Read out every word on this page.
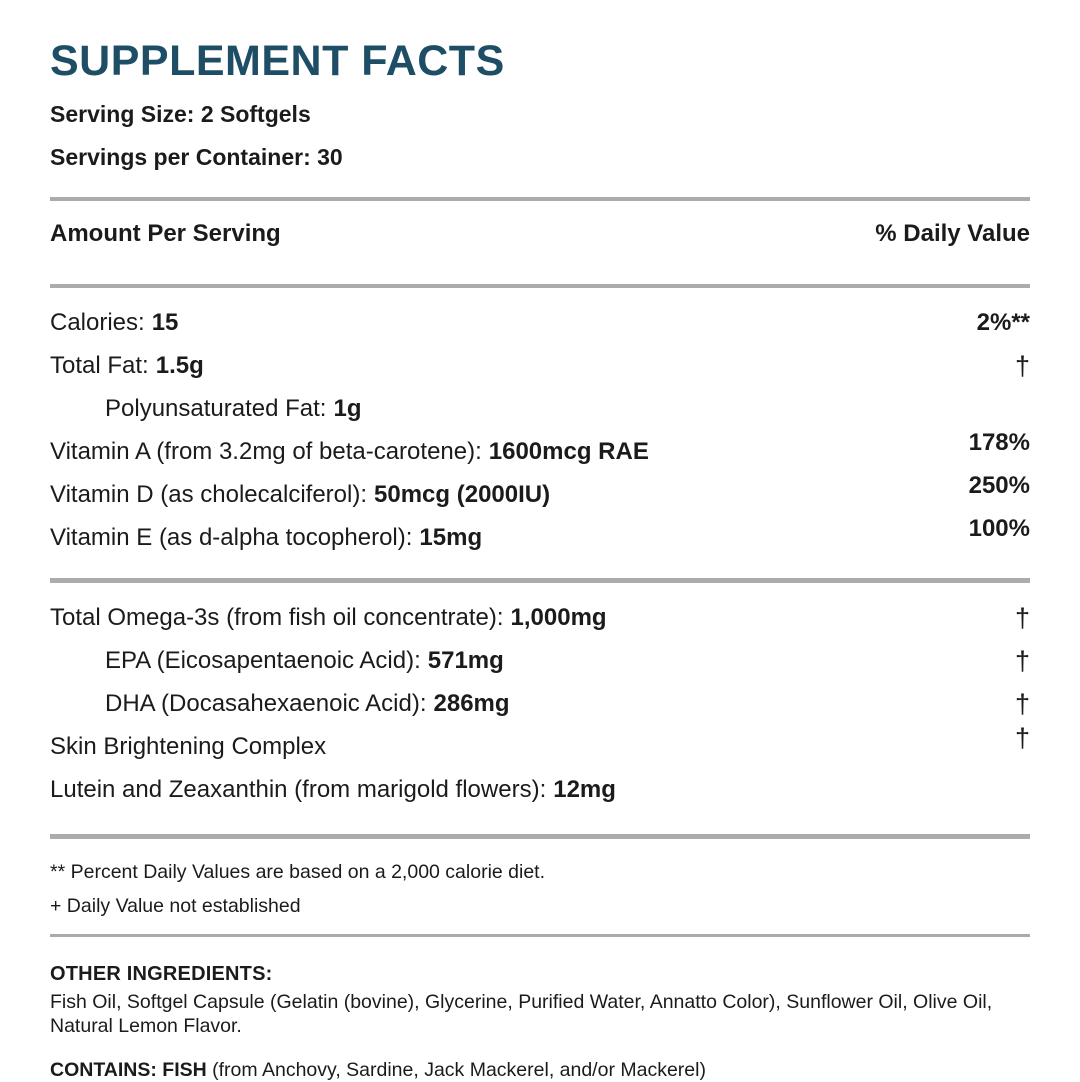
SUPPLEMENT FACTS
Serving Size: 2 Softgels
Servings per Container: 30
Amount Per Serving	% Daily Value
Calories: 15	2%**
Total Fat: 1.5g	†
Polyunsaturated Fat: 1g
Vitamin A (from 3.2mg of beta-carotene): 1600mcg RAE	178%
Vitamin D (as cholecalciferol): 50mcg (2000IU)	250%
Vitamin E (as d-alpha tocopherol): 15mg	100%
Total Omega-3s (from fish oil concentrate): 1,000mg	†
EPA (Eicosapentaenoic Acid): 571mg	†
DHA (Docasahexaenoic Acid): 286mg	†
Skin Brightening Complex	†
Lutein and Zeaxanthin (from marigold flowers): 12mg
** Percent Daily Values are based on a 2,000 calorie diet.
+ Daily Value not established
OTHER INGREDIENTS:
Fish Oil, Softgel Capsule (Gelatin (bovine), Glycerine, Purified Water, Annatto Color), Sunflower Oil, Olive Oil, Natural Lemon Flavor.
CONTAINS: FISH (from Anchovy, Sardine, Jack Mackerel, and/or Mackerel)
